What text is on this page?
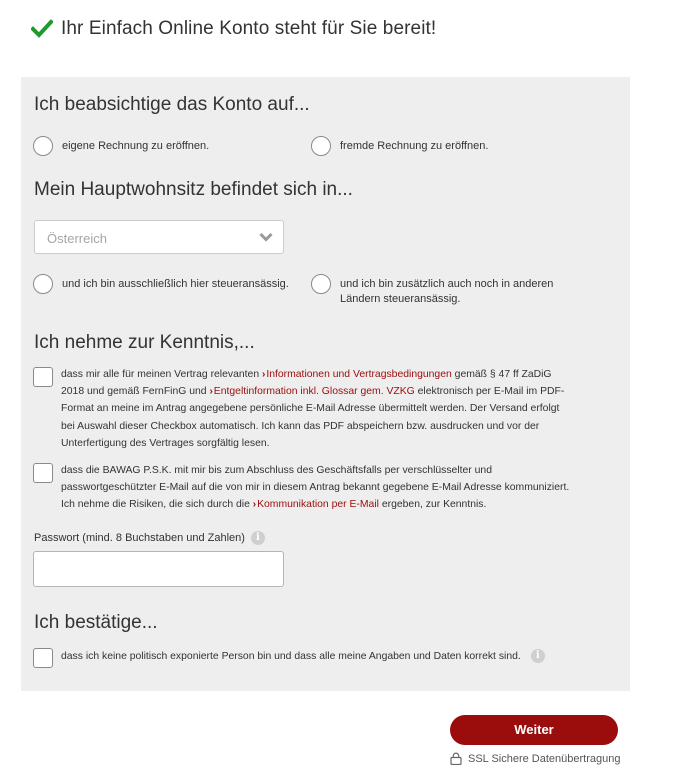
Ihr Einfach Online Konto steht für Sie bereit!
Ich beabsichtige das Konto auf...
eigene Rechnung zu eröffnen.	fremde Rechnung zu eröffnen.
Mein Hauptwohnsitz befindet sich in...
Österreich
und ich bin ausschließlich hier steueransässig.	und ich bin zusätzlich auch noch in anderen
Ländern steueransässig.
Ich nehme zur Kenntnis,...
dass mir alle für meinen Vertrag relevanten ›Informationen und Vertragsbedingungen gemäß § 47 ff ZaDiG
2018 und gemäß FernFinG und ›Entgeltinformation inkl. Glossar gem. VZKG elektronisch per E-Mail im PDF-
Format an meine im Antrag angegebene persönliche E-Mail Adresse übermittelt werden. Der Versand erfolgt
bei Auswahl dieser Checkbox automatisch. Ich kann das PDF abspeichern bzw. ausdrucken und vor der
Unterfertigung des Vertrages sorgfältig lesen.
dass die BAWAG P.S.K. mit mir bis zum Abschluss des Geschäftsfalls per verschlüsselter und
passwortgeschützter E-Mail auf die von mir in diesem Antrag bekannt gegebene E-Mail Adresse kommuniziert.
Ich nehme die Risiken, die sich durch die ›Kommunikation per E-Mail ergeben, zur Kenntnis.
Passwort (mind. 8 Buchstaben und Zahlen)	i
Ich bestätige...
dass ich keine politisch exponierte Person bin und dass alle meine Angaben und Daten korrekt sind.	i
Weiter
SSL Sichere Datenübertragung
